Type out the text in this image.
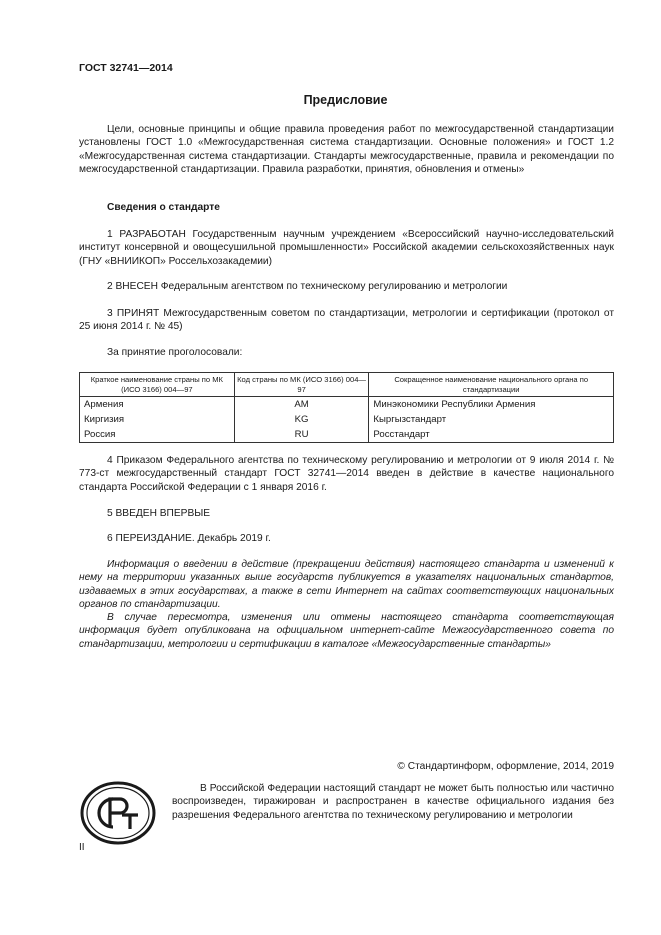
ГОСТ 32741—2014
Предисловие

Цели, основные принципы и общие правила проведения работ по межгосударственной стандартизации установлены ГОСТ 1.0 «Межгосударственная система стандартизации. Основные положения» и ГОСТ 1.2 «Межгосударственная система стандартизации. Стандарты межгосударственные, правила и рекомендации по межгосударственной стандартизации. Правила разработки, принятия, обновления и отмены»

Сведения о стандарте

1 РАЗРАБОТАН Государственным научным учреждением «Всероссийский научно-исследовательский институт консервной и овощесушильной промышленности» Российской академии сельскохозяйственных наук (ГНУ «ВНИИКОП» Россельхозакадемии)

2 ВНЕСЕН Федеральным агентством по техническому регулированию и метрологии

3 ПРИНЯТ Межгосударственным советом по стандартизации, метрологии и сертификации (протокол от 25 июня 2014 г. № 45)

За принятие проголосовали:
Краткое наименование страны по МК (ИСО 3166) 004—97	Код страны по МК (ИСО 3166) 004—97	Сокращенное наименование национального органа по стандартизации
Армения	AM	Минэкономики Республики Армения
Киргизия	KG	Кыргызстандарт
Россия	RU	Росстандарт

4 Приказом Федерального агентства по техническому регулированию и метрологии от 9 июля 2014 г. № 773-ст межгосударственный стандарт ГОСТ 32741—2014 введен в действие в качестве национального стандарта Российской Федерации с 1 января 2016 г.

5 ВВЕДЕН ВПЕРВЫЕ

6 ПЕРЕИЗДАНИЕ. Декабрь 2019 г.

Информация о введении в действие (прекращении действия) настоящего стандарта и изменений к нему на территории указанных выше государств публикуется в указателях национальных стандартов, издаваемых в этих государствах, а также в сети Интернет на сайтах соответствующих национальных органов по стандартизации.

В случае пересмотра, изменения или отмены настоящего стандарта соответствующая информация будет опубликована на официальном интернет-сайте Межгосударственного совета по стандартизации, метрологии и сертификации в каталоге «Межгосударственные стандарты»

© Стандартинформ, оформление, 2014, 2019

В Российской Федерации настоящий стандарт не может быть полностью или частично воспроизведен, тиражирован и распространен в качестве официального издания без разрешения Федерального агентства по техническому регулированию и метрологии

II
